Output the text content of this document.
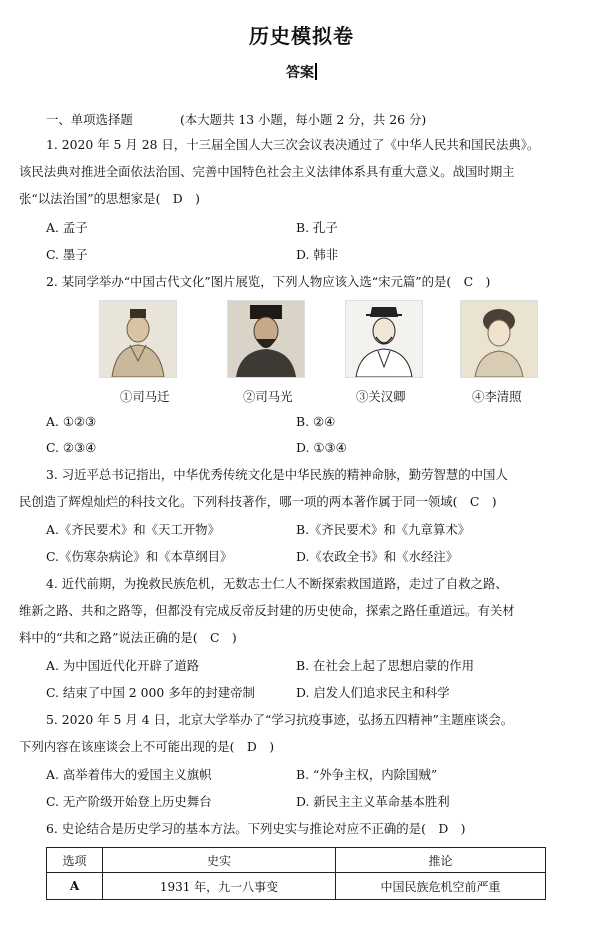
历史模拟卷
答案
一、单项选择题	(本大题共 13 小题，每小题 2 分，共 26 分)
1. 2020 年 5 月 28 日，十三届全国人大三次会议表决通过了《中华人民共和国民法典》。
该民法典对推进全面依法治国、完善中国特色社会主义法律体系具有重大意义。战国时期主
张“以法治国”的思想家是(　D　)
A. 孟子	B. 孔子
C. 墨子	D. 韩非
2. 某同学举办“中国古代文化”图片展览，下列人物应该入选“宋元篇”的是(　C　)
①司马迁	②司马光	③关汉卿	④李清照
A. ①②③	B. ②④
C. ②③④	D. ①③④
3. 习近平总书记指出，中华优秀传统文化是中华民族的精神命脉，勤劳智慧的中国人
民创造了辉煌灿烂的科技文化。下列科技著作，哪一项的两本著作属于同一领域(　C　)
A.《齐民要术》和《天工开物》	B.《齐民要术》和《九章算术》
C.《伤寒杂病论》和《本草纲目》	D.《农政全书》和《水经注》
4. 近代前期，为挽救民族危机，无数志士仁人不断探索救国道路，走过了自救之路、
维新之路、共和之路等，但都没有完成反帝反封建的历史使命，探索之路任重道远。有关材
料中的“共和之路”说法正确的是(　C　)
A. 为中国近代化开辟了道路	B. 在社会上起了思想启蒙的作用
C. 结束了中国 2 000 多年的封建帝制	D. 启发人们追求民主和科学
5. 2020 年 5 月 4 日，北京大学举办了“学习抗疫事迹，弘扬五四精神”主题座谈会。
下列内容在该座谈会上不可能出现的是(　D　)
A. 高举着伟大的爱国主义旗帜	B. “外争主权，内除国贼”
C. 无产阶级开始登上历史舞台	D. 新民主主义革命基本胜利
6. 史论结合是历史学习的基本方法。下列史实与推论对应不正确的是(　D　)
选项	史实	推论
A	1931 年，九一八事变	中国民族危机空前严重
